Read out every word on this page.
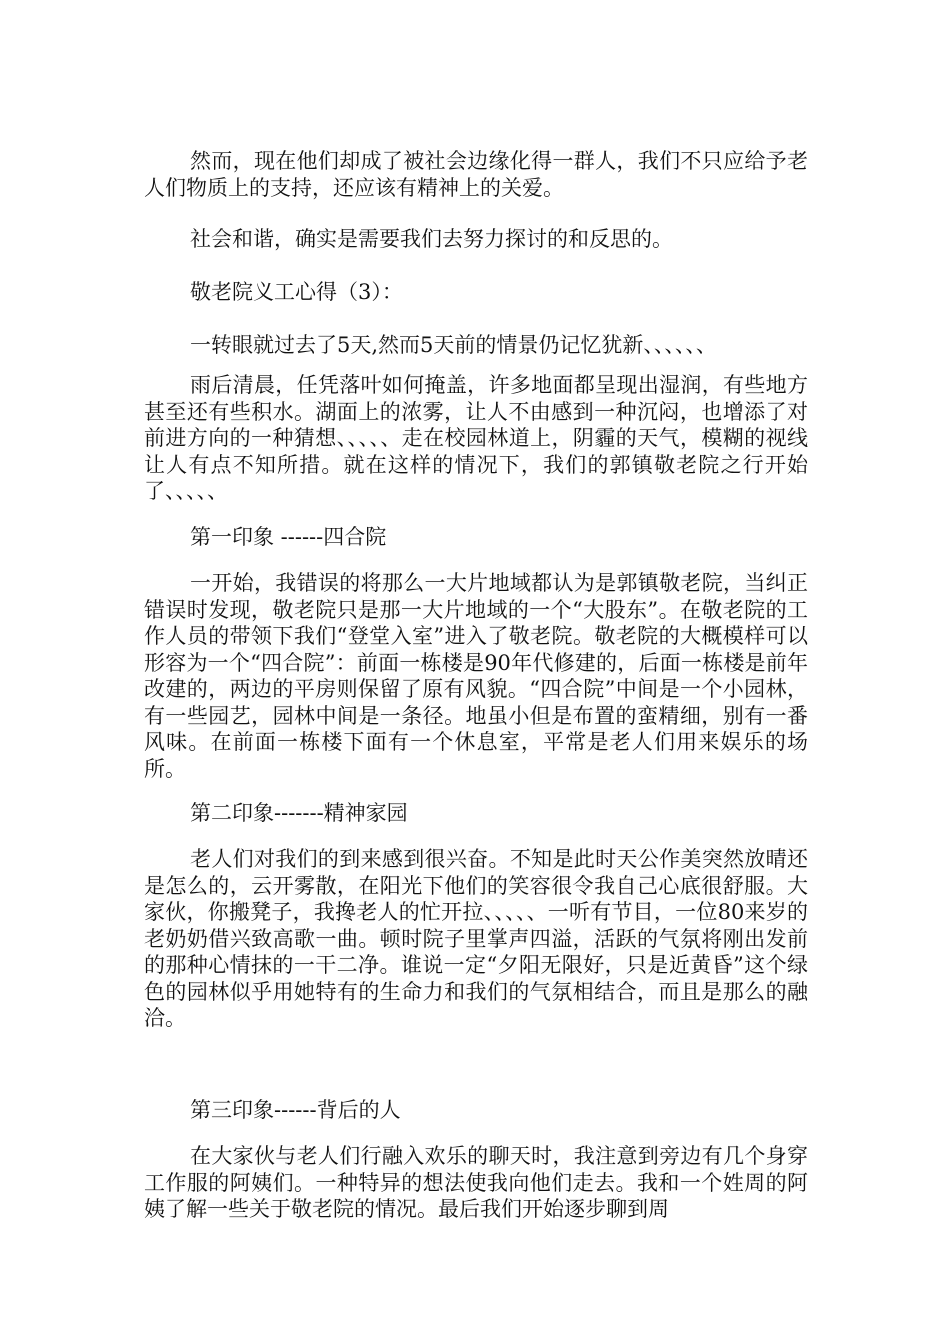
然而，现在他们却成了被社会边缘化得一群人，我们不只应给予老人们物质上的支持，还应该有精神上的关爱。

社会和谐，确实是需要我们去努力探讨的和反思的。

敬老院义工心得（3）：

一转眼就过去了5天,然而5天前的情景仍记忆犹新、、、、、、

雨后清晨，任凭落叶如何掩盖，许多地面都呈现出湿润，有些地方甚至还有些积水。湖面上的浓雾，让人不由感到一种沉闷，也增添了对前进方向的一种猜想、、、、、走在校园林道上，阴霾的天气，模糊的视线让人有点不知所措。就在这样的情况下，我们的郭镇敬老院之行开始了、、、、、

第一印象 ------四合院

一开始，我错误的将那么一大片地域都认为是郭镇敬老院，当纠正错误时发现，敬老院只是那一大片地域的一个“大股东”。在敬老院的工作人员的带领下我们“登堂入室”进入了敬老院。敬老院的大概模样可以形容为一个“四合院”：前面一栋楼是90年代修建的，后面一栋楼是前年改建的，两边的平房则保留了原有风貌。“四合院”中间是一个小园林，有一些园艺，园林中间是一条径。地虽小但是布置的蛮精细，别有一番风味。在前面一栋楼下面有一个休息室，平常是老人们用来娱乐的场所。

第二印象-------精神家园

老人们对我们的到来感到很兴奋。不知是此时天公作美突然放晴还是怎么的，云开雾散，在阳光下他们的笑容很令我自己心底很舒服。大家伙，你搬凳子，我搀老人的忙开拉、、、、、一听有节目，一位80来岁的老奶奶借兴致高歌一曲。顿时院子里掌声四溢，活跃的气氛将刚出发前的那种心情抹的一干二净。谁说一定“夕阳无限好，只是近黄昏”这个绿色的园林似乎用她特有的生命力和我们的气氛相结合，而且是那么的融洽。

第三印象------背后的人

在大家伙与老人们行融入欢乐的聊天时，我注意到旁边有几个身穿工作服的阿姨们。一种特异的想法使我向他们走去。我和一个姓周的阿姨了解一些关于敬老院的情况。最后我们开始逐步聊到周
